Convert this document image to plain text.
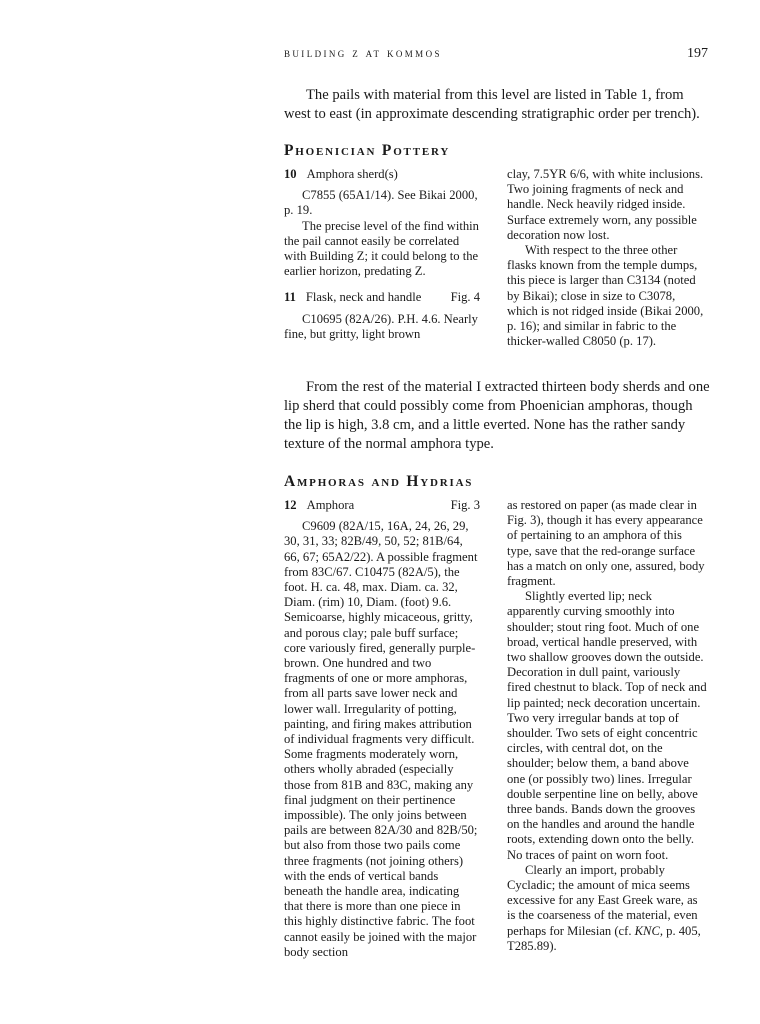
building z at kommos	197

The pails with material from this level are listed in Table 1, from west to east (in approximate descending stratigraphic order per trench).

Phoenician Pottery
10 Amphora sherd(s)

C7855 (65A1/14). See Bikai 2000, p. 19.

The precise level of the find within the pail cannot easily be correlated with Building Z; it could belong to the earlier horizon, predating Z.

11 Flask, neck and handle Fig. 4

C10695 (82A/26). P.H. 4.6. Nearly fine, but gritty, light brown

clay, 7.5YR 6/6, with white inclusions. Two joining fragments of neck and handle. Neck heavily ridged inside. Surface extremely worn, any possible decoration now lost.

With respect to the three other flasks known from the temple dumps, this piece is larger than C3134 (noted by Bikai); close in size to C3078, which is not ridged inside (Bikai 2000, p. 16); and similar in fabric to the thicker-walled C8050 (p. 17).

From the rest of the material I extracted thirteen body sherds and one lip sherd that could possibly come from Phoenician amphoras, though the lip is high, 3.8 cm, and a little everted. None has the rather sandy texture of the normal amphora type.

Amphoras and Hydrias
12 Amphora	Fig. 3

C9609 (82A/15, 16A, 24, 26, 29, 30, 31, 33; 82B/49, 50, 52; 81B/64, 66, 67; 65A2/22). A possible fragment from 83C/67. C10475 (82A/5), the foot. H. ca. 48, max. Diam. ca. 32, Diam. (rim) 10, Diam. (foot) 9.6. Semicoarse, highly micaceous, gritty, and porous clay; pale buff surface; core variously fired, generally purple-brown. One hundred and two fragments of one or more amphoras, from all parts save lower neck and lower wall. Irregularity of potting, painting, and firing makes attribution of individual fragments very difficult. Some fragments moderately worn, others wholly abraded (especially those from 81B and 83C, making any final judgment on their pertinence impossible). The only joins between pails are between 82A/30 and 82B/50; but also from those two pails come three fragments (not joining others) with the ends of vertical bands beneath the handle area, indicating that there is more than one piece in this highly distinctive fabric. The foot cannot easily be joined with the major body section

as restored on paper (as made clear in Fig. 3), though it has every appearance of pertaining to an amphora of this type, save that the red-orange surface has a match on only one, assured, body fragment.

Slightly everted lip; neck apparently curving smoothly into shoulder; stout ring foot. Much of one broad, vertical handle preserved, with two shallow grooves down the outside. Decoration in dull paint, variously fired chestnut to black. Top of neck and lip painted; neck decoration uncertain. Two very irregular bands at top of shoulder. Two sets of eight concentric circles, with central dot, on the shoulder; below them, a band above one (or possibly two) lines. Irregular double serpentine line on belly, above three bands. Bands down the grooves on the handles and around the handle roots, extending down onto the belly. No traces of paint on worn foot.

Clearly an import, probably Cycladic; the amount of mica seems excessive for any East Greek ware, as is the coarseness of the material, even perhaps for Milesian (cf. KNC, p. 405, T285.89).
